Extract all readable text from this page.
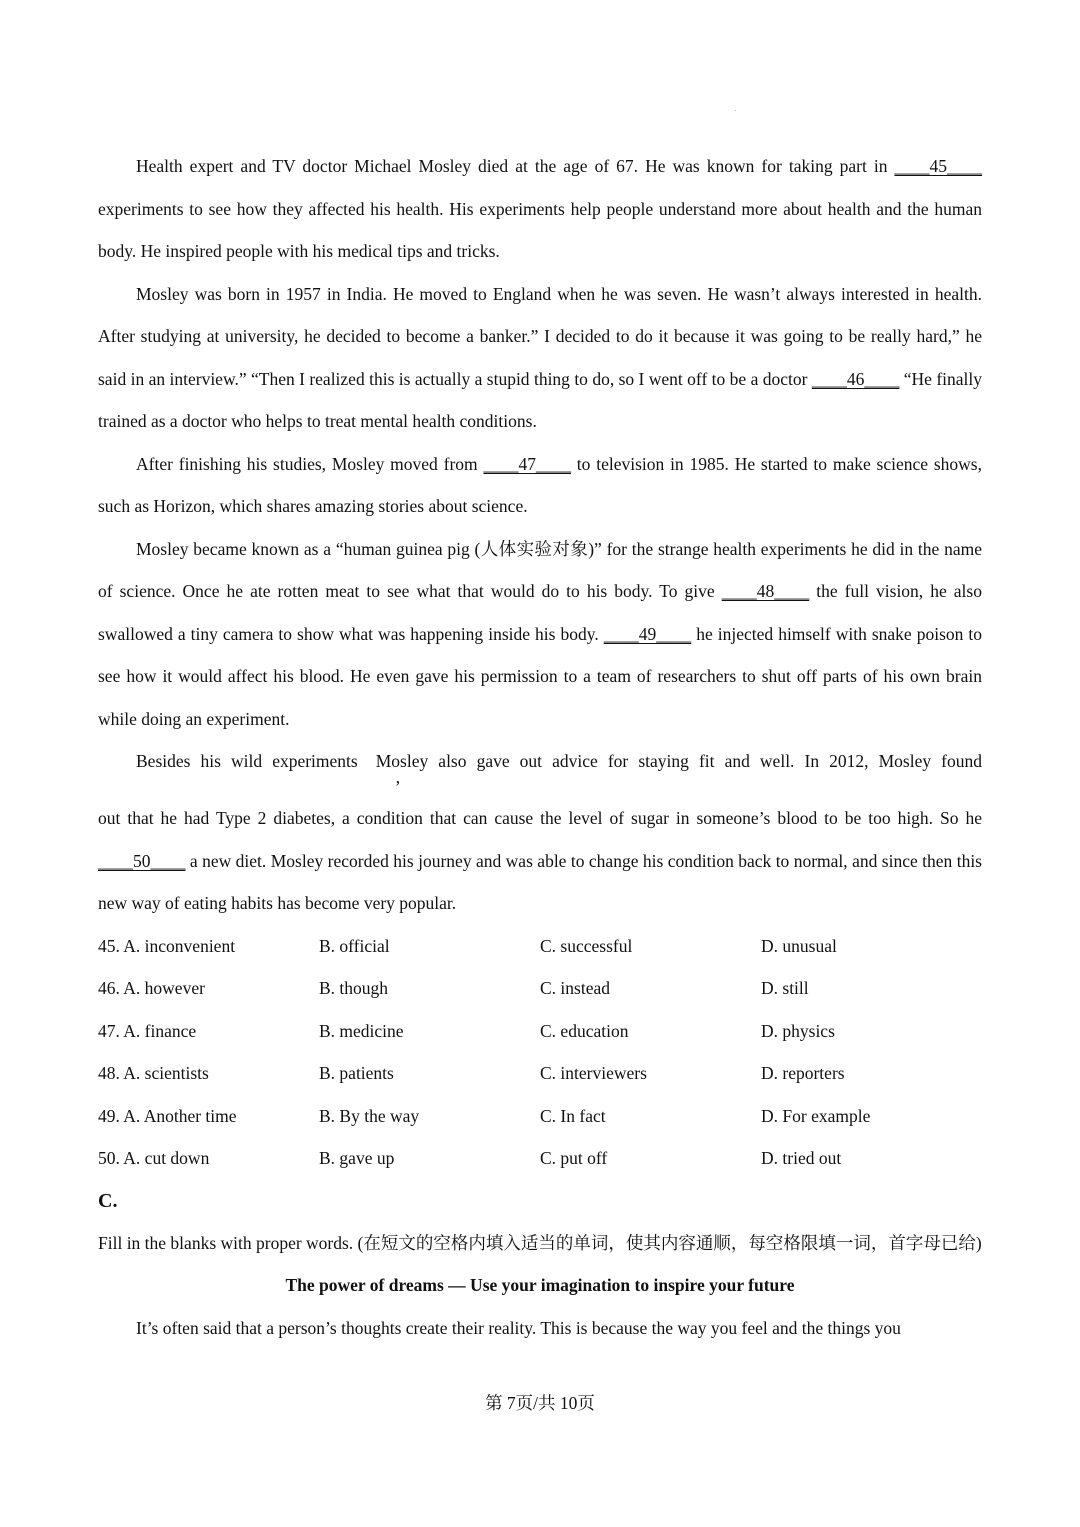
Health expert and TV doctor Michael Mosley died at the age of 67. He was known for taking part in ____45____ experiments to see how they affected his health. His experiments help people understand more about health and the human body. He inspired people with his medical tips and tricks.

Mosley was born in 1957 in India. He moved to England when he was seven. He wasn’t always interested in health. After studying at university, he decided to become a banker.” I decided to do it because it was going to be really hard,” he said in an interview.” “Then I realized this is actually a stupid thing to do, so I went off to be a doctor ____46____ “He finally trained as a doctor who helps to treat mental health conditions.

After finishing his studies, Mosley moved from ____47____ to television in 1985. He started to make science shows, such as Horizon, which shares amazing stories about science.

Mosley became known as a “human guinea pig (人体实验对象)” for the strange health experiments he did in the name of science. Once he ate rotten meat to see what that would do to his body. To give ____48____ the full vision, he also swallowed a tiny camera to show what was happening inside his body. ____49____ he injected himself with snake poison to see how it would affect his blood. He even gave his permission to a team of researchers to shut off parts of his own brain while doing an experiment.

Besides his wild experiments,Mosley also gave out advice for staying fit and well. In 2012, Mosley found

out that he had Type 2 diabetes, a condition that can cause the level of sugar in someone’s blood to be too high. So he ____50____ a new diet. Mosley recorded his journey and was able to change his condition back to normal, and since then this new way of eating habits has become very popular.

45. A. inconvenient	B. official	C. successful	D. unusual
46. A. however	B. though	C. instead	D. still
47. A. finance	B. medicine	C. education	D. physics
48. A. scientists	B. patients	C. interviewers	D. reporters
49. A. Another time	B. By the way	C. In fact	D. For example
50. A. cut down	B. gave up	C. put off	D. tried out

C.

Fill in the blanks with proper words. (在短文的空格内填入适当的单词，使其内容通顺，每空格限填一词，首字母已给)

The power of dreams — Use your imagination to inspire your future

It’s often said that a person’s thoughts create their reality. This is because the way you feel and the things you

第 7页/共 10页
